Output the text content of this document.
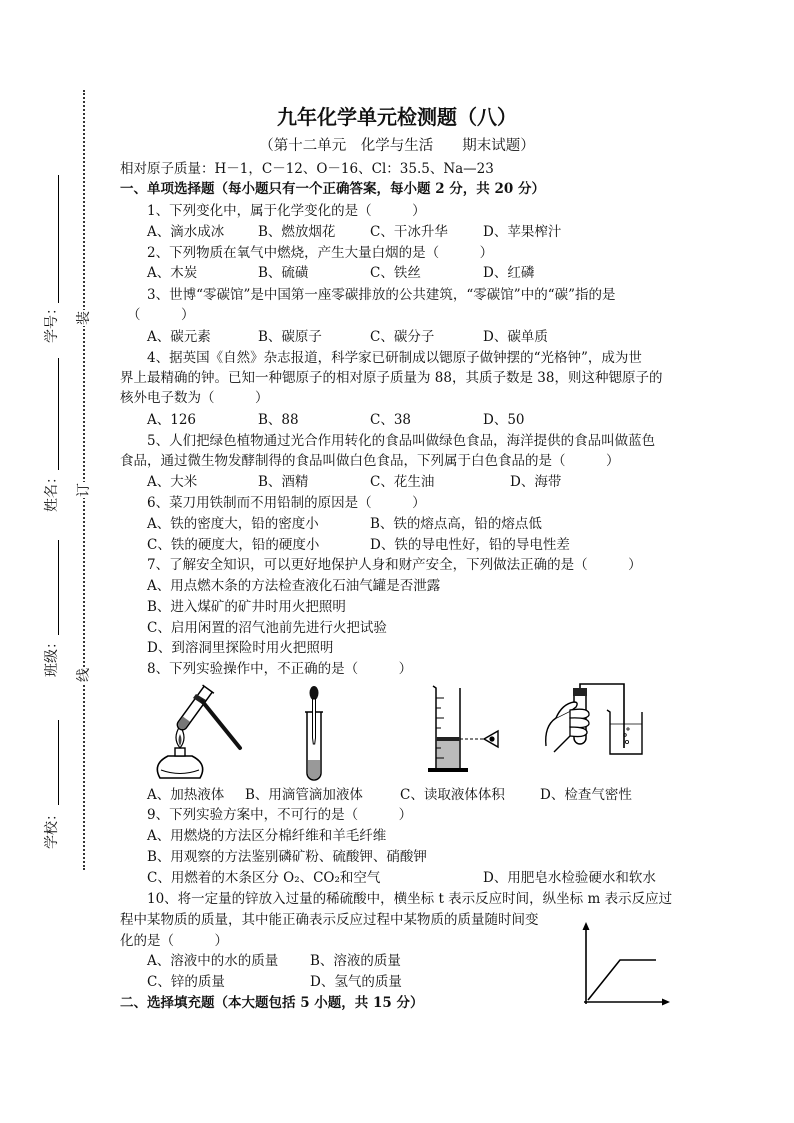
学号：
姓名：
班级：
学校：
装
订
线
九年化学单元检测题（八）
（第十二单元　化学与生活　　期末试题）
相对原子质量：H－1，C－12、O－16、Cl：35.5、Na—23
一、单项选择题（每小题只有一个正确答案，每小题 2 分，共 20 分）
1、下列变化中，属于化学变化的是（　　　）
A、滴水成冰	B、燃放烟花	C、干冰升华	D、苹果榨汁
2、下列物质在氧气中燃烧，产生大量白烟的是（　　　）
A、木炭	B、硫磺	C、铁丝	D、红磷
3、世博“零碳馆”是中国第一座零碳排放的公共建筑，“零碳馆”中的“碳”指的是
（　　　）
A、碳元素	B、碳原子	C、碳分子	D、碳单质
4、据英国《自然》杂志报道，科学家已研制成以锶原子做钟摆的“光格钟”，成为世
界上最精确的钟。已知一种锶原子的相对原子质量为 88，其质子数是 38，则这种锶原子的
核外电子数为（　　　）
A、126	B、88	C、38	D、50
5、人们把绿色植物通过光合作用转化的食品叫做绿色食品，海洋提供的食品叫做蓝色
食品，通过微生物发酵制得的食品叫做白色食品，下列属于白色食品的是（　　　）
A、大米	B、酒精	C、花生油	D、海带
6、菜刀用铁制而不用铅制的原因是（　　　）
A、铁的密度大，铅的密度小	B、铁的熔点高，铅的熔点低
C、铁的硬度大，铅的硬度小	D、铁的导电性好，铅的导电性差
7、了解安全知识，可以更好地保护人身和财产安全，下列做法正确的是（　　　）
A、用点燃木条的方法检查液化石油气罐是否泄露
B、进入煤矿的矿井时用火把照明
C、启用闲置的沼气池前先进行火把试验
D、到溶洞里探险时用火把照明
8、下列实验操作中，不正确的是（　　　）
A、加热液体 B、用滴管滴加液体	C、读取液体体积	D、检查气密性
9、下列实验方案中，不可行的是（　　　）
A、用燃烧的方法区分棉纤维和羊毛纤维
B、用观察的方法鉴别磷矿粉、硫酸钾、硝酸钾
C、用燃着的木条区分 O₂、CO₂和空气	D、用肥皂水检验硬水和软水
10、将一定量的锌放入过量的稀硫酸中，横坐标 t 表示反应时间，纵坐标 m 表示反应过
程中某物质的质量，其中能正确表示反应过程中某物质的质量随时间变
化的是（　　　）
A、溶液中的水的质量 B、溶液的质量
C、锌的质量	D、氢气的质量
二、选择填充题（本大题包括 5 小题，共 15 分）
